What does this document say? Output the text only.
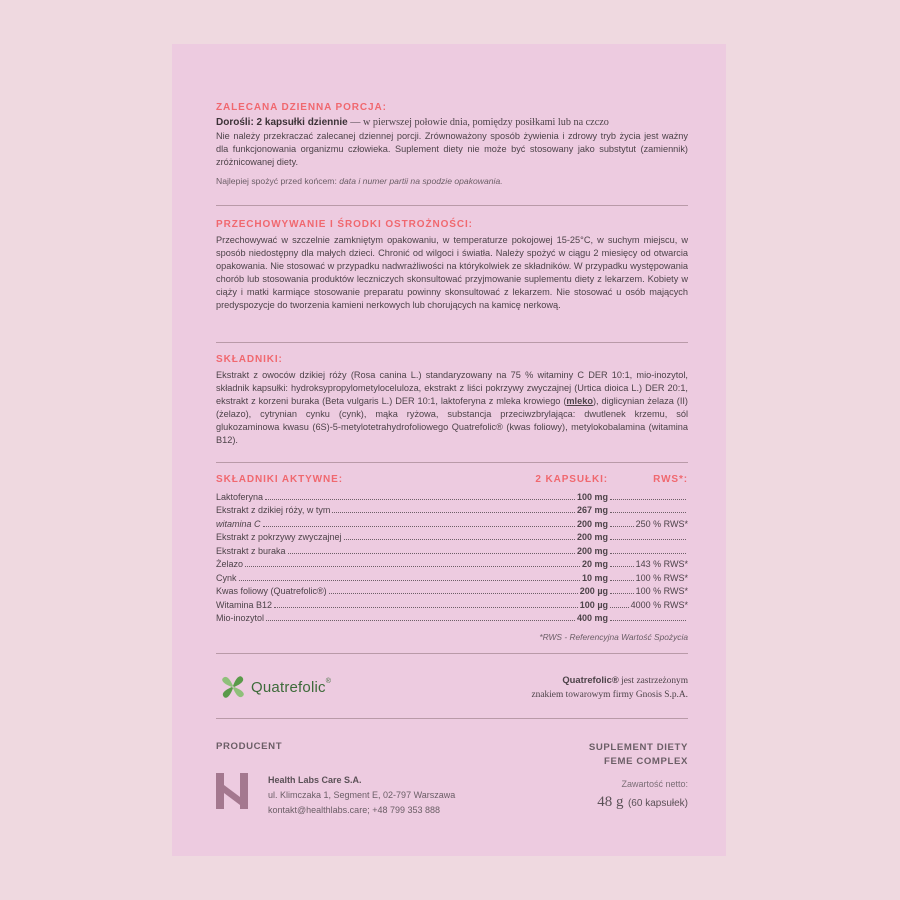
ZALECANA DZIENNA PORCJA:
Dorośli: 2 kapsułki dziennie — w pierwszej połowie dnia, pomiędzy posiłkami lub na czczo
Nie należy przekraczać zalecanej dziennej porcji. Zrównoważony sposób żywienia i zdrowy tryb życia jest ważny dla funkcjonowania organizmu człowieka. Suplement diety nie może być stosowany jako substytut (zamiennik) zróżnicowanej diety.
Najlepiej spożyć przed końcem: data i numer partii na spodzie opakowania.
PRZECHOWYWANIE I ŚRODKI OSTROŻNOŚCI:
Przechowywać w szczelnie zamkniętym opakowaniu, w temperaturze pokojowej 15-25°C, w suchym miejscu, w sposób niedostępny dla małych dzieci. Chronić od wilgoci i światła. Należy spożyć w ciągu 2 miesięcy od otwarcia opakowania. Nie stosować w przypadku nadwrażliwości na którykolwiek ze składników. W przypadku występowania chorób lub stosowania produktów leczniczych skonsultować przyjmowanie suplementu diety z lekarzem. Kobiety w ciąży i matki karmiące stosowanie preparatu powinny skonsultować z lekarzem. Nie stosować u osób mających predyspozycje do tworzenia kamieni nerkowych lub chorujących na kamicę nerkową.
SKŁADNIKI:
Ekstrakt z owoców dzikiej róży (Rosa canina L.) standaryzowany na 75 % witaminy C DER 10:1, mio-inozytol, składnik kapsułki: hydroksypropylometyloceluloza, ekstrakt z liści pokrzywy zwyczajnej (Urtica dioica L.) DER 20:1, ekstrakt z korzeni buraka (Beta vulgaris L.) DER 10:1, laktoferyna z mleka krowiego (mleko), diglicynian żelaza (II) (żelazo), cytrynian cynku (cynk), mąka ryżowa, substancja przeciwzbrylająca: dwutlenek krzemu, sól glukozaminowa kwasu (6S)-5-metylotetrahydrofoliowego Quatrefolic® (kwas foliowy), metylokobalamina (witamina B12).
SKŁADNIKI AKTYWNE:	2 KAPSUŁKI:	RWS*:
Laktoferyna	100 mg
Ekstrakt z dzikiej róży, w tym	267 mg
witamina C	200 mg	250 % RWS*
Ekstrakt z pokrzywy zwyczajnej	200 mg
Ekstrakt z buraka	200 mg
Żelazo	20 mg	143 % RWS*
Cynk	10 mg	100 % RWS*
Kwas foliowy (Quatrefolic®)	200 µg	100 % RWS*
Witamina B12	100 µg	4000 % RWS*
Mio-inozytol	400 mg
*RWS - Referencyjna Wartość Spożycia
Quatrefolic ®	Quatrefolic® jest zastrzeżonym
znakiem towarowym firmy Gnosis S.p.A.
PRODUCENT
Health Labs Care S.A.
ul. Klimczaka 1, Segment E, 02-797 Warszawa
kontakt@healthlabs.care; +48 799 353 888
SUPLEMENT DIETY
FEME COMPLEX
Zawartość netto:
48 g (60 kapsułek)
